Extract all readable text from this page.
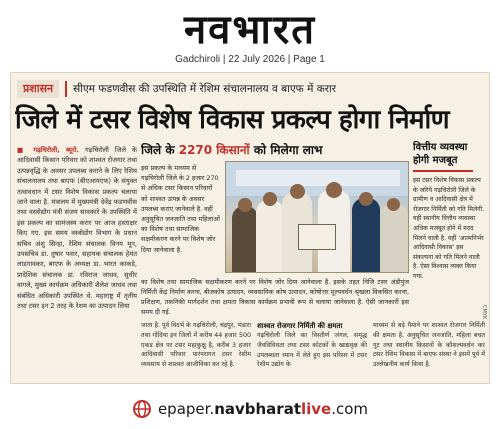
नवभारत
Gadchiroli | 22 July 2026 | Page 1
प्रशासन	सीएम फडणवीस की उपस्थिति में रेशिम संचालनालय व बाएफ में करार
जिले में टसर विशेष विकास प्रकल्प होगा निर्माण

■ गढ़चिरोली, ब्यूरो. गढ़चिरोली जिले के आदिवासी किसान परिवार को शाश्वत रोजगार तथा उत्पन्नवृद्धि के अवसर उपलब्ध कराने के लिए रेशिम संचालनालय तथा बाएफ (बीएआयएफ) के संयुक्त तत्वावधान में टसर विशेष विकास प्रकल्प चलाया जाने वाला है. मंत्रालय में मुख्यमंत्री देवेंद्र फडणवीस तथा वस्त्रोद्योग मंत्री संजय सावकारे के उपस्थिति में इस प्रकल्प का सामंजस्य करार पर आज हस्ताक्षर किए गए. इस समय वस्त्रोद्योग विभाग के प्रधान सचिव अंशु सिन्हा, रेशिम संचालक विनय मून, उपसचिव डा. तुषार पवार, सहायक संचालक हेमंत लाडगावकर, बाएफ के अध्यक्ष डा. भारत काकडे, प्रादेशिक संचालक डा. रविराज जाधव, सुधीर वागले, मुख्य कार्यक्रम अधिकारी शैलेश जाधव तथा संबंधित अधिकारी उपस्थित थे. महाराष्ट्र में तृतीय तथा टसर इन 2 तरह के रेशम का उत्पादन लिया

जिले के 2270 किसानों को मिलेगा लाभ

इस प्रकल्प के माध्यम से गढ़चिरोली जिले के 2 हजार 270 से अधिक टसर किसान परिवारों को शाश्वत उत्पन्न के अवसर उपलब्ध कराए जानेवाले है. वहीं अनुसूचित जनजाति तथा महिलाओं का विशेष तथा सामाजिक सक्षमीकरण करने पर विशेष जोर दिया जानेवाला है.

का विशेष तथा सामाजिक सक्षमीकरण करने पर विशेष जोर दिया जानेवाला है. इसके तहत निजि टसर अंडीपुंज निर्मिती केंद्र निर्माण करना, बीजकोष उत्पादन, व्यवसायिक कोष उत्पादन, कोषोत्तर मूल्यवर्धन श्रृंखला विकसित करना, प्रशिक्षण, तकनिकी मार्गदर्शन तथा क्षमता विकास कार्यक्रम प्रभावी रूप से चलाया जानेवाला है. ऐसी जानकारी इस समय दी गई.

वित्तीय व्यवस्था होगी मजबूत

इस टसर विशेष विकास प्रकल्प के जरिये गढ़चिरोली जिले के ग्रामीण व आदिवासी क्षेत्र में रोजगार निर्मिती को गति मिलेगी. वहीं स्थानीय वित्तीय व्यवस्था अधिक मजबूत होने में मदद मिलने वाली है. वहीं 'आत्मनिर्भर आदिवासी विकास' इस संकल्पना को गति मिलने वाली है. ऐसा विश्वास व्यक्त किया गया.

जाता है. पूर्व विदर्भ के गढ़चिरोली, चंद्रपुर, भंडारा तथा गोंदिया इन जिलों में करीब 44 हजार 500 एकड़ क्षेत्र पर टसर महाकुक्षु है, करीब 3 हजार आदिवासी परिवार पारंपरागत टसर रेशीम व्यवसाय से शाश्वत आजीविका कर रहे है.

शाश्वत रोजगार निर्मिती की क्षमता

गढ़चिरोली जिले का विस्तीर्ण जंगल, समृद्ध जैवविविधता तथा टसर कोटकों के खाद्यवृक्ष की उपलब्धता ध्यान में लेते हुए इस परिसर में टसर रेशीम उद्योग के

माध्यम से बड़े पैमाने पर शाश्वत रोजगार निर्मिती की क्षमता है. अनुसूचित जनजाति, महिला बचत गुट तथा स्थानीय किसानों के कौशल्यवर्धन कर टसर रेशिम विकास में बाएफ संस्था ने इसमें पूर्व में उल्लेखनीय कार्य किया है.

CMYK
epaper.navbharatlive.com
